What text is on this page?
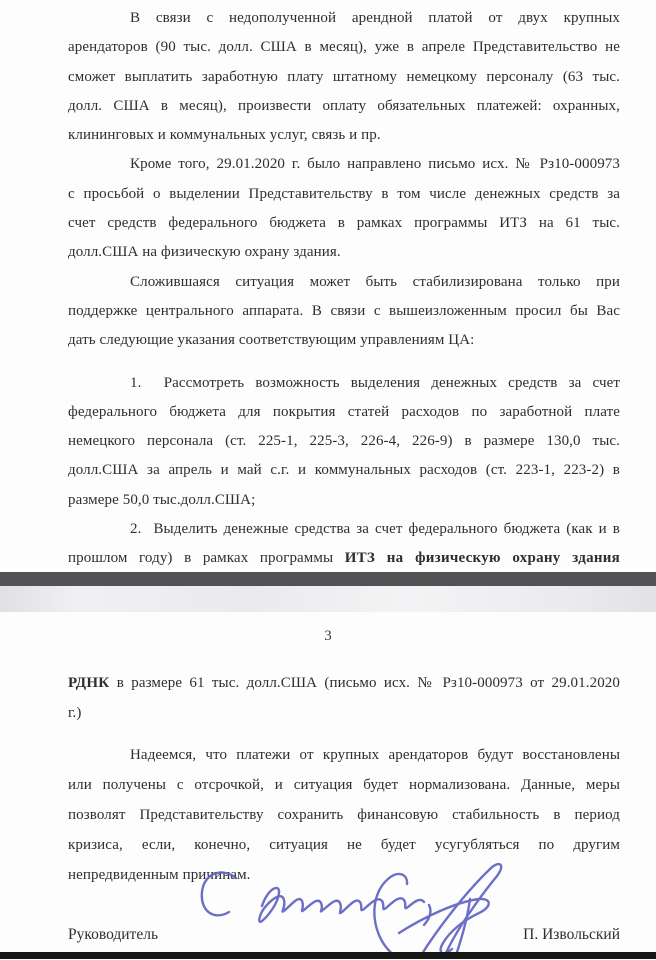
В связи с недополученной арендной платой от двух крупных
арендаторов (90 тыс. долл. США в месяц), уже в апреле Представительство не
сможет выплатить заработную плату штатному немецкому персоналу (63 тыс.
долл. США в месяц), произвести оплату обязательных платежей: охранных,
клининговых и коммунальных услуг, связь и пр.
Кроме того, 29.01.2020 г. было направлено письмо исх. № Рз10-000973
с просьбой о выделении Представительству в том числе денежных средств за
счет средств федерального бюджета в рамках программы ИТЗ на 61 тыс.
долл.США на физическую охрану здания.
Сложившаяся ситуация может быть стабилизирована только при
поддержке центрального аппарата. В связи с вышеизложенным просил бы Вас
дать следующие указания соответствующим управлениям ЦА:
1.  Рассмотреть возможность выделения денежных средств за счет
федерального бюджета для покрытия статей расходов по заработной плате
немецкого персонала (ст. 225-1, 225-3, 226-4, 226-9) в размере 130,0 тыс.
долл.США за апрель и май с.г. и коммунальных расходов (ст. 223-1, 223-2) в
размере 50,0 тыс.долл.США;
2.  Выделить денежные средства за счет федерального бюджета (как и в
прошлом году) в рамках программы ИТЗ на физическую охрану здания
3
РДНК в размере 61 тыс. долл.США (письмо исх. № Рз10-000973 от 29.01.2020
г.)
Надеемся, что платежи от крупных арендаторов будут восстановлены
или получены с отсрочкой, и ситуация будет нормализована. Данные, меры
позволят Представительству сохранить финансовую стабильность в период
кризиса, если, конечно, ситуация не будет усугубляться по другим
непредвиденным причинам.
Руководитель	П. Извольский
